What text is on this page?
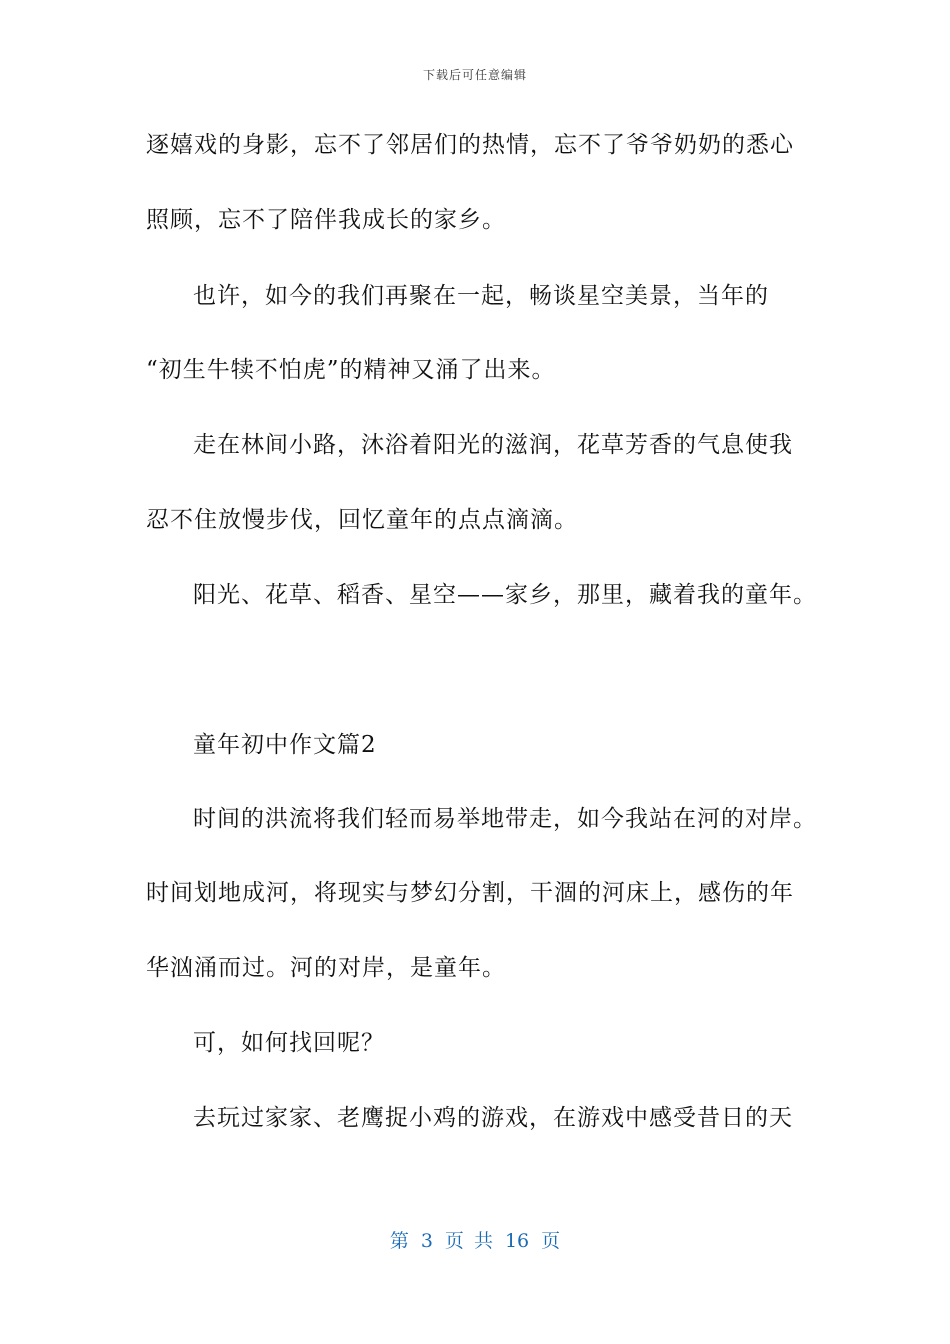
下载后可任意编辑
逐嬉戏的身影，忘不了邻居们的热情，忘不了爷爷奶奶的悉心
照顾，忘不了陪伴我成长的家乡。
也许，如今的我们再聚在一起，畅谈星空美景，当年的
“初生牛犊不怕虎”的精神又涌了出来。
走在林间小路，沐浴着阳光的滋润，花草芳香的气息使我
忍不住放慢步伐，回忆童年的点点滴滴。
阳光、花草、稻香、星空——家乡，那里，藏着我的童年。
童年初中作文篇2
时间的洪流将我们轻而易举地带走，如今我站在河的对岸。
时间划地成河，将现实与梦幻分割，干涸的河床上，感伤的年
华汹涌而过。河的对岸，是童年。
可，如何找回呢？
去玩过家家、老鹰捉小鸡的游戏，在游戏中感受昔日的天
第 3 页 共 16 页
